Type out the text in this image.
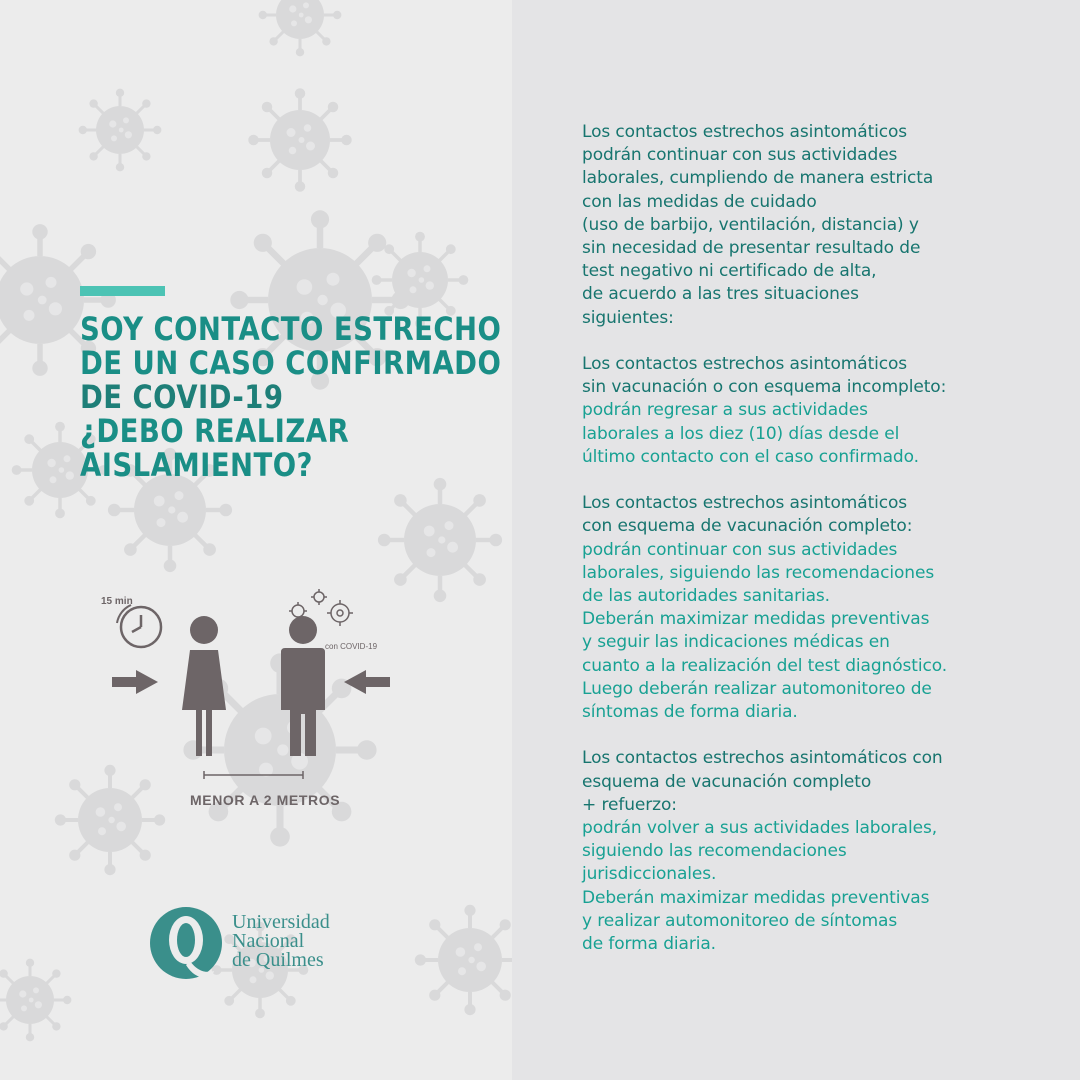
SOY CONTACTO ESTRECHO
DE UN CASO CONFIRMADO
DE COVID-19
¿DEBO REALIZAR
AISLAMIENTO?
15 min
con COVID-19
MENOR A 2 METROS
Universidad
Nacional
de Quilmes
Los contactos estrechos asintomáticos
podrán continuar con sus actividades
laborales, cumpliendo de manera estricta
con las medidas de cuidado
(uso de barbijo, ventilación, distancia) y
sin necesidad de presentar resultado de
test negativo ni certificado de alta,
de acuerdo a las tres situaciones
siguientes:
Los contactos estrechos asintomáticos
sin vacunación o con esquema incompleto:
podrán regresar a sus actividades
laborales a los diez (10) días desde el
último contacto con el caso confirmado.
Los contactos estrechos asintomáticos
con esquema de vacunación completo:
podrán continuar con sus actividades
laborales, siguiendo las recomendaciones
de las autoridades sanitarias.
Deberán maximizar medidas preventivas
y seguir las indicaciones médicas en
cuanto a la realización del test diagnóstico.
Luego deberán realizar automonitoreo de
síntomas de forma diaria.
Los contactos estrechos asintomáticos con
esquema de vacunación completo
+ refuerzo:
podrán volver a sus actividades laborales,
siguiendo las recomendaciones
jurisdiccionales.
Deberán maximizar medidas preventivas
y realizar automonitoreo de síntomas
de forma diaria.
